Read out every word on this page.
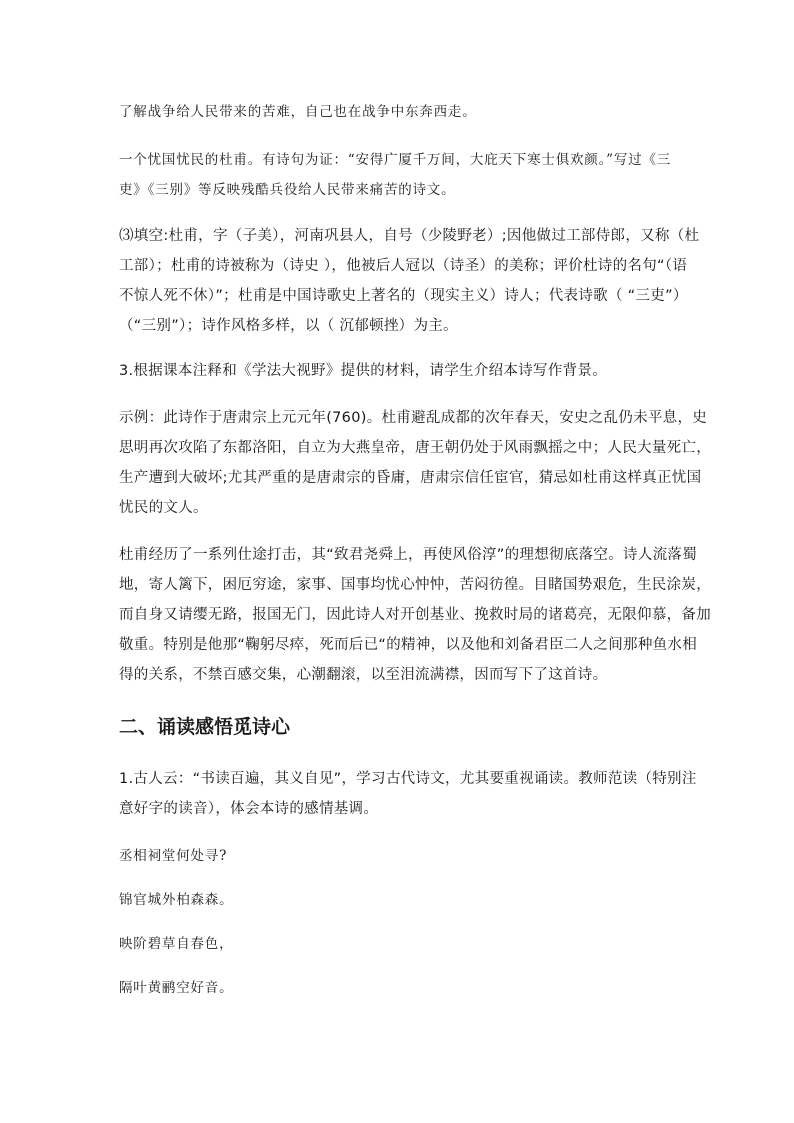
了解战争给人民带来的苦难，自己也在战争中东奔西走。
一个忧国忧民的杜甫。有诗句为证：“安得广厦千万间，大庇天下寒士俱欢颜。”写过《三
吏》《三别》等反映残酷兵役给人民带来痛苦的诗文。
⑶填空:杜甫，字（子美），河南巩县人，自号（少陵野老）;因他做过工部侍郎，又称（杜
工部）；杜甫的诗被称为（诗史 ），他被后人冠以（诗圣）的美称；评价杜诗的名句“（语
不惊人死不休）”；杜甫是中国诗歌史上著名的（现实主义）诗人；代表诗歌（ “三吏”）
（“三别”）；诗作风格多样，以（ 沉郁顿挫）为主。
3.根据课本注释和《学法大视野》提供的材料，请学生介绍本诗写作背景。
示例：此诗作于唐肃宗上元元年(760)。杜甫避乱成都的次年春天，安史之乱仍未平息，史
思明再次攻陷了东都洛阳，自立为大燕皇帝，唐王朝仍处于风雨飘摇之中；人民大量死亡，
生产遭到大破坏;尤其严重的是唐肃宗的昏庸，唐肃宗信任宦官，猜忌如杜甫这样真正忧国
忧民的文人。
杜甫经历了一系列仕途打击，其“致君尧舜上，再使风俗淳”的理想彻底落空。诗人流落蜀
地，寄人篱下，困厄穷途，家事、国事均忧心忡忡，苦闷彷徨。目睹国势艰危，生民涂炭，
而自身又请缨无路，报国无门，因此诗人对开创基业、挽救时局的诸葛亮，无限仰慕，备加
敬重。特别是他那“鞠躬尽瘁，死而后已“的精神，以及他和刘备君臣二人之间那种鱼水相
得的关系，不禁百感交集，心潮翻滚，以至泪流满襟，因而写下了这首诗。
二、诵读感悟觅诗心
1.古人云：“书读百遍，其义自见”，学习古代诗文，尤其要重视诵读。教师范读（特别注
意好字的读音），体会本诗的感情基调。
丞相祠堂何处寻?
锦官城外柏森森。
映阶碧草自春色，
隔叶黄鹂空好音。
